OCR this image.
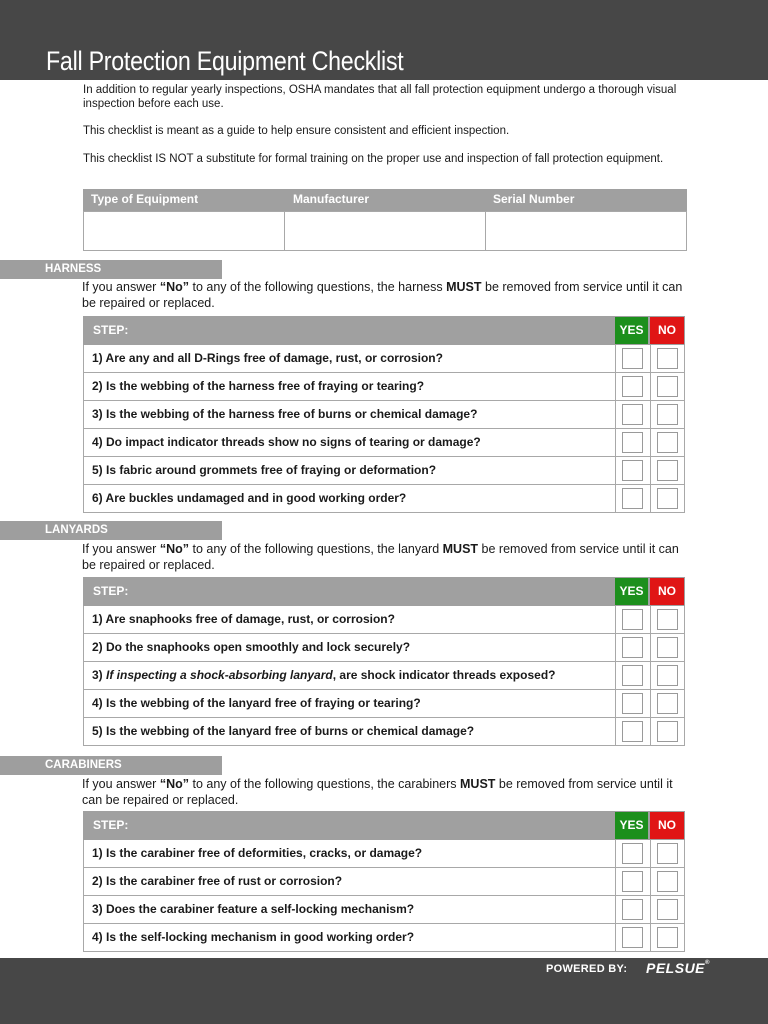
Fall Protection Equipment Checklist

In addition to regular yearly inspections, OSHA mandates that all fall protection equipment undergo a thorough visual inspection before each use.

This checklist is meant as a guide to help ensure consistent and efficient inspection.

This checklist IS NOT a substitute for formal training on the proper use and inspection of fall protection equipment.

Type of Equipment	Manufacturer	Serial Number
HARNESS

If you answer “No” to any of the following questions, the harness MUST be removed from service until it can be repaired or replaced.

STEP:	YES	NO
1) Are any and all D-Rings free of damage, rust, or corrosion?
2) Is the webbing of the harness free of fraying or tearing?
3) Is the webbing of the harness free of burns or chemical damage?
4) Do impact indicator threads show no signs of tearing or damage?
5) Is fabric around grommets free of fraying or deformation?
6) Are buckles undamaged and in good working order?
LANYARDS

If you answer “No” to any of the following questions, the lanyard MUST be removed from service until it can be repaired or replaced.

STEP:	YES	NO
1) Are snaphooks free of damage, rust, or corrosion?
2) Do the snaphooks open smoothly and lock securely?
3) If inspecting a shock-absorbing lanyard, are shock indicator threads exposed?
4) Is the webbing of the lanyard free of fraying or tearing?
5) Is the webbing of the lanyard free of burns or chemical damage?
CARABINERS

If you answer “No” to any of the following questions, the carabiners MUST be removed from service until it can be repaired or replaced.

STEP:	YES	NO
1) Is the carabiner free of deformities, cracks, or damage?
2) Is the carabiner free of rust or corrosion?
3) Does the carabiner feature a self-locking mechanism?
4) Is the self-locking mechanism in good working order?
POWERED BY: PELSUE®
